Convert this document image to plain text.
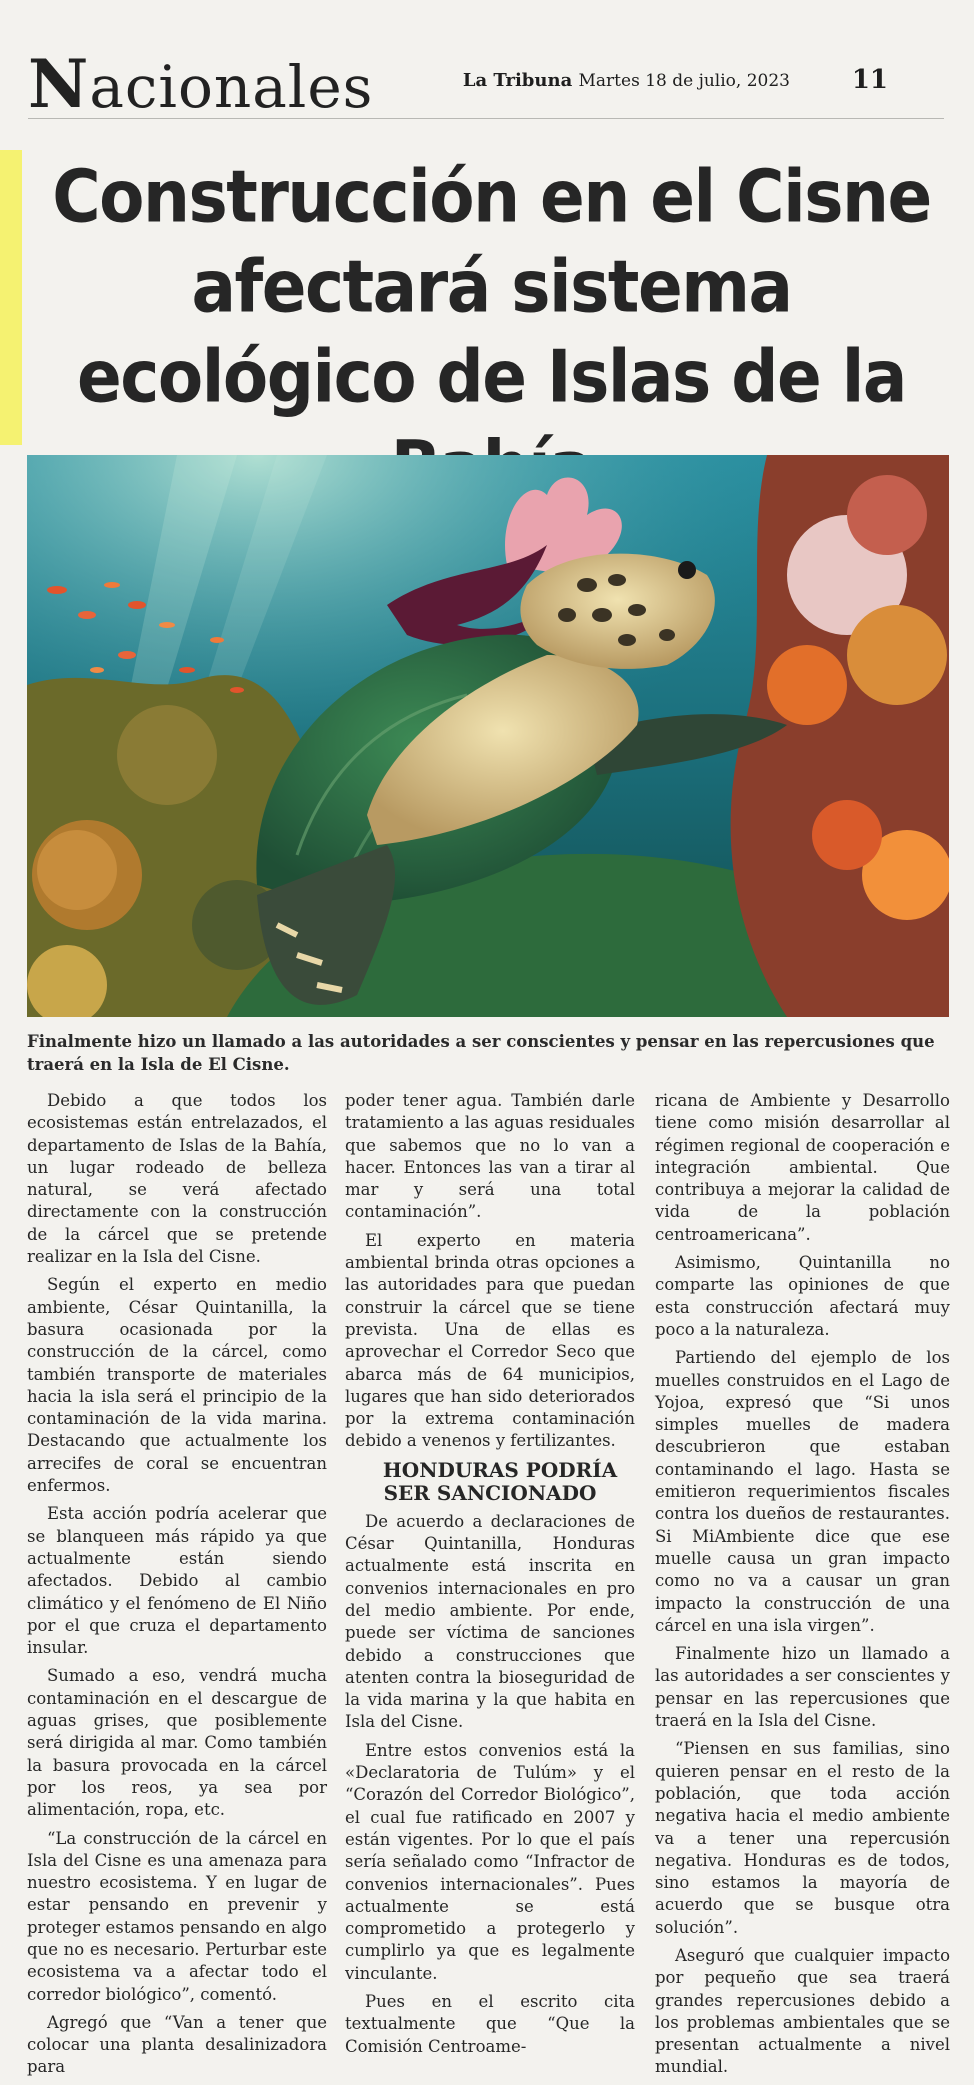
Nacionales	La Tribuna Martes 18 de julio, 2023 11
Construcción en el Cisne afectará sistema ecológico de Islas de la
Finalmente hizo un llamado a las autoridades a ser conscientes y pensar en las repercusiones que traerá en la Isla de El Cisne.

Debido a que todos los ecosistemas están entrelazados, el departamento de Islas de la Bahía, un lugar rodeado de belleza natural, se verá afectado directamente con la construcción de la cárcel que se pretende realizar en la Isla del Cisne.

Según el experto en medio ambiente, César Quintanilla, la basura ocasionada por la construcción de la cárcel, como también transporte de materiales hacia la isla será el principio de la contaminación de la vida marina. Destacando que actualmente los arrecifes de coral se encuentran enfermos.

Esta acción podría acelerar que se blanqueen más rápido ya que actualmente están siendo afectados. Debido al cambio climático y el fenómeno de El Niño por el que cruza el departamento insular.

Sumado a eso, vendrá mucha contaminación en el descargue de aguas grises, que posiblemente será dirigida al mar. Como también la basura provocada en la cárcel por los reos, ya sea por alimentación, ropa, etc.

“La construcción de la cárcel en Isla del Cisne es una amenaza para nuestro ecosistema. Y en lugar de estar pensando en prevenir y proteger estamos pensando en algo que no es necesario. Perturbar este ecosistema va a afectar todo el corredor biológico”, comentó.

Agregó que “Van a tener que colocar una planta desalinizadora para

poder tener agua. También darle tratamiento a las aguas residuales que sabemos que no lo van a hacer. Entonces las van a tirar al mar y será una total contaminación”.

El experto en materia ambiental brinda otras opciones a las autoridades para que puedan construir la cárcel que se tiene prevista. Una de ellas es aprovechar el Corredor Seco que abarca más de 64 municipios, lugares que han sido deteriorados por la extrema contaminación debido a venenos y fertilizantes.

HONDURAS PODRÍA SER SANCIONADO

De acuerdo a declaraciones de César Quintanilla, Honduras actualmente está inscrita en convenios internacionales en pro del medio ambiente. Por ende, puede ser víctima de sanciones debido a construcciones que atenten contra la bioseguridad de la vida marina y la que habita en Isla del Cisne.

Entre estos convenios está la «Declaratoria de Tulúm» y el “Corazón del Corredor Biológico”, el cual fue ratificado en 2007 y están vigentes. Por lo que el país sería señalado como “Infractor de convenios internacionales”. Pues actualmente se está comprometido a protegerlo y cumplirlo ya que es legalmente vinculante.

Pues en el escrito cita textualmente que “Que la Comisión Centroame-

ricana de Ambiente y Desarrollo tiene como misión desarrollar al régimen regional de cooperación e integración ambiental. Que contribuya a mejorar la calidad de vida de la población centroamericana”.

Asimismo, Quintanilla no comparte las opiniones de que esta construcción afectará muy poco a la naturaleza.

Partiendo del ejemplo de los muelles construidos en el Lago de Yojoa, expresó que “Si unos simples muelles de madera descubrieron que estaban contaminando el lago. Hasta se emitieron requerimientos fiscales contra los dueños de restaurantes. Si MiAmbiente dice que ese muelle causa un gran impacto como no va a causar un gran impacto la construcción de una cárcel en una isla virgen”.

Finalmente hizo un llamado a las autoridades a ser conscientes y pensar en las repercusiones que traerá en la Isla del Cisne.

“Piensen en sus familias, sino quieren pensar en el resto de la población, que toda acción negativa hacia el medio ambiente va a tener una repercusión negativa. Honduras es de todos, sino estamos la mayoría de acuerdo que se busque otra solución”.

Aseguró que cualquier impacto por pequeño que sea traerá grandes repercusiones debido a los problemas ambientales que se presentan actualmente a nivel mundial.
